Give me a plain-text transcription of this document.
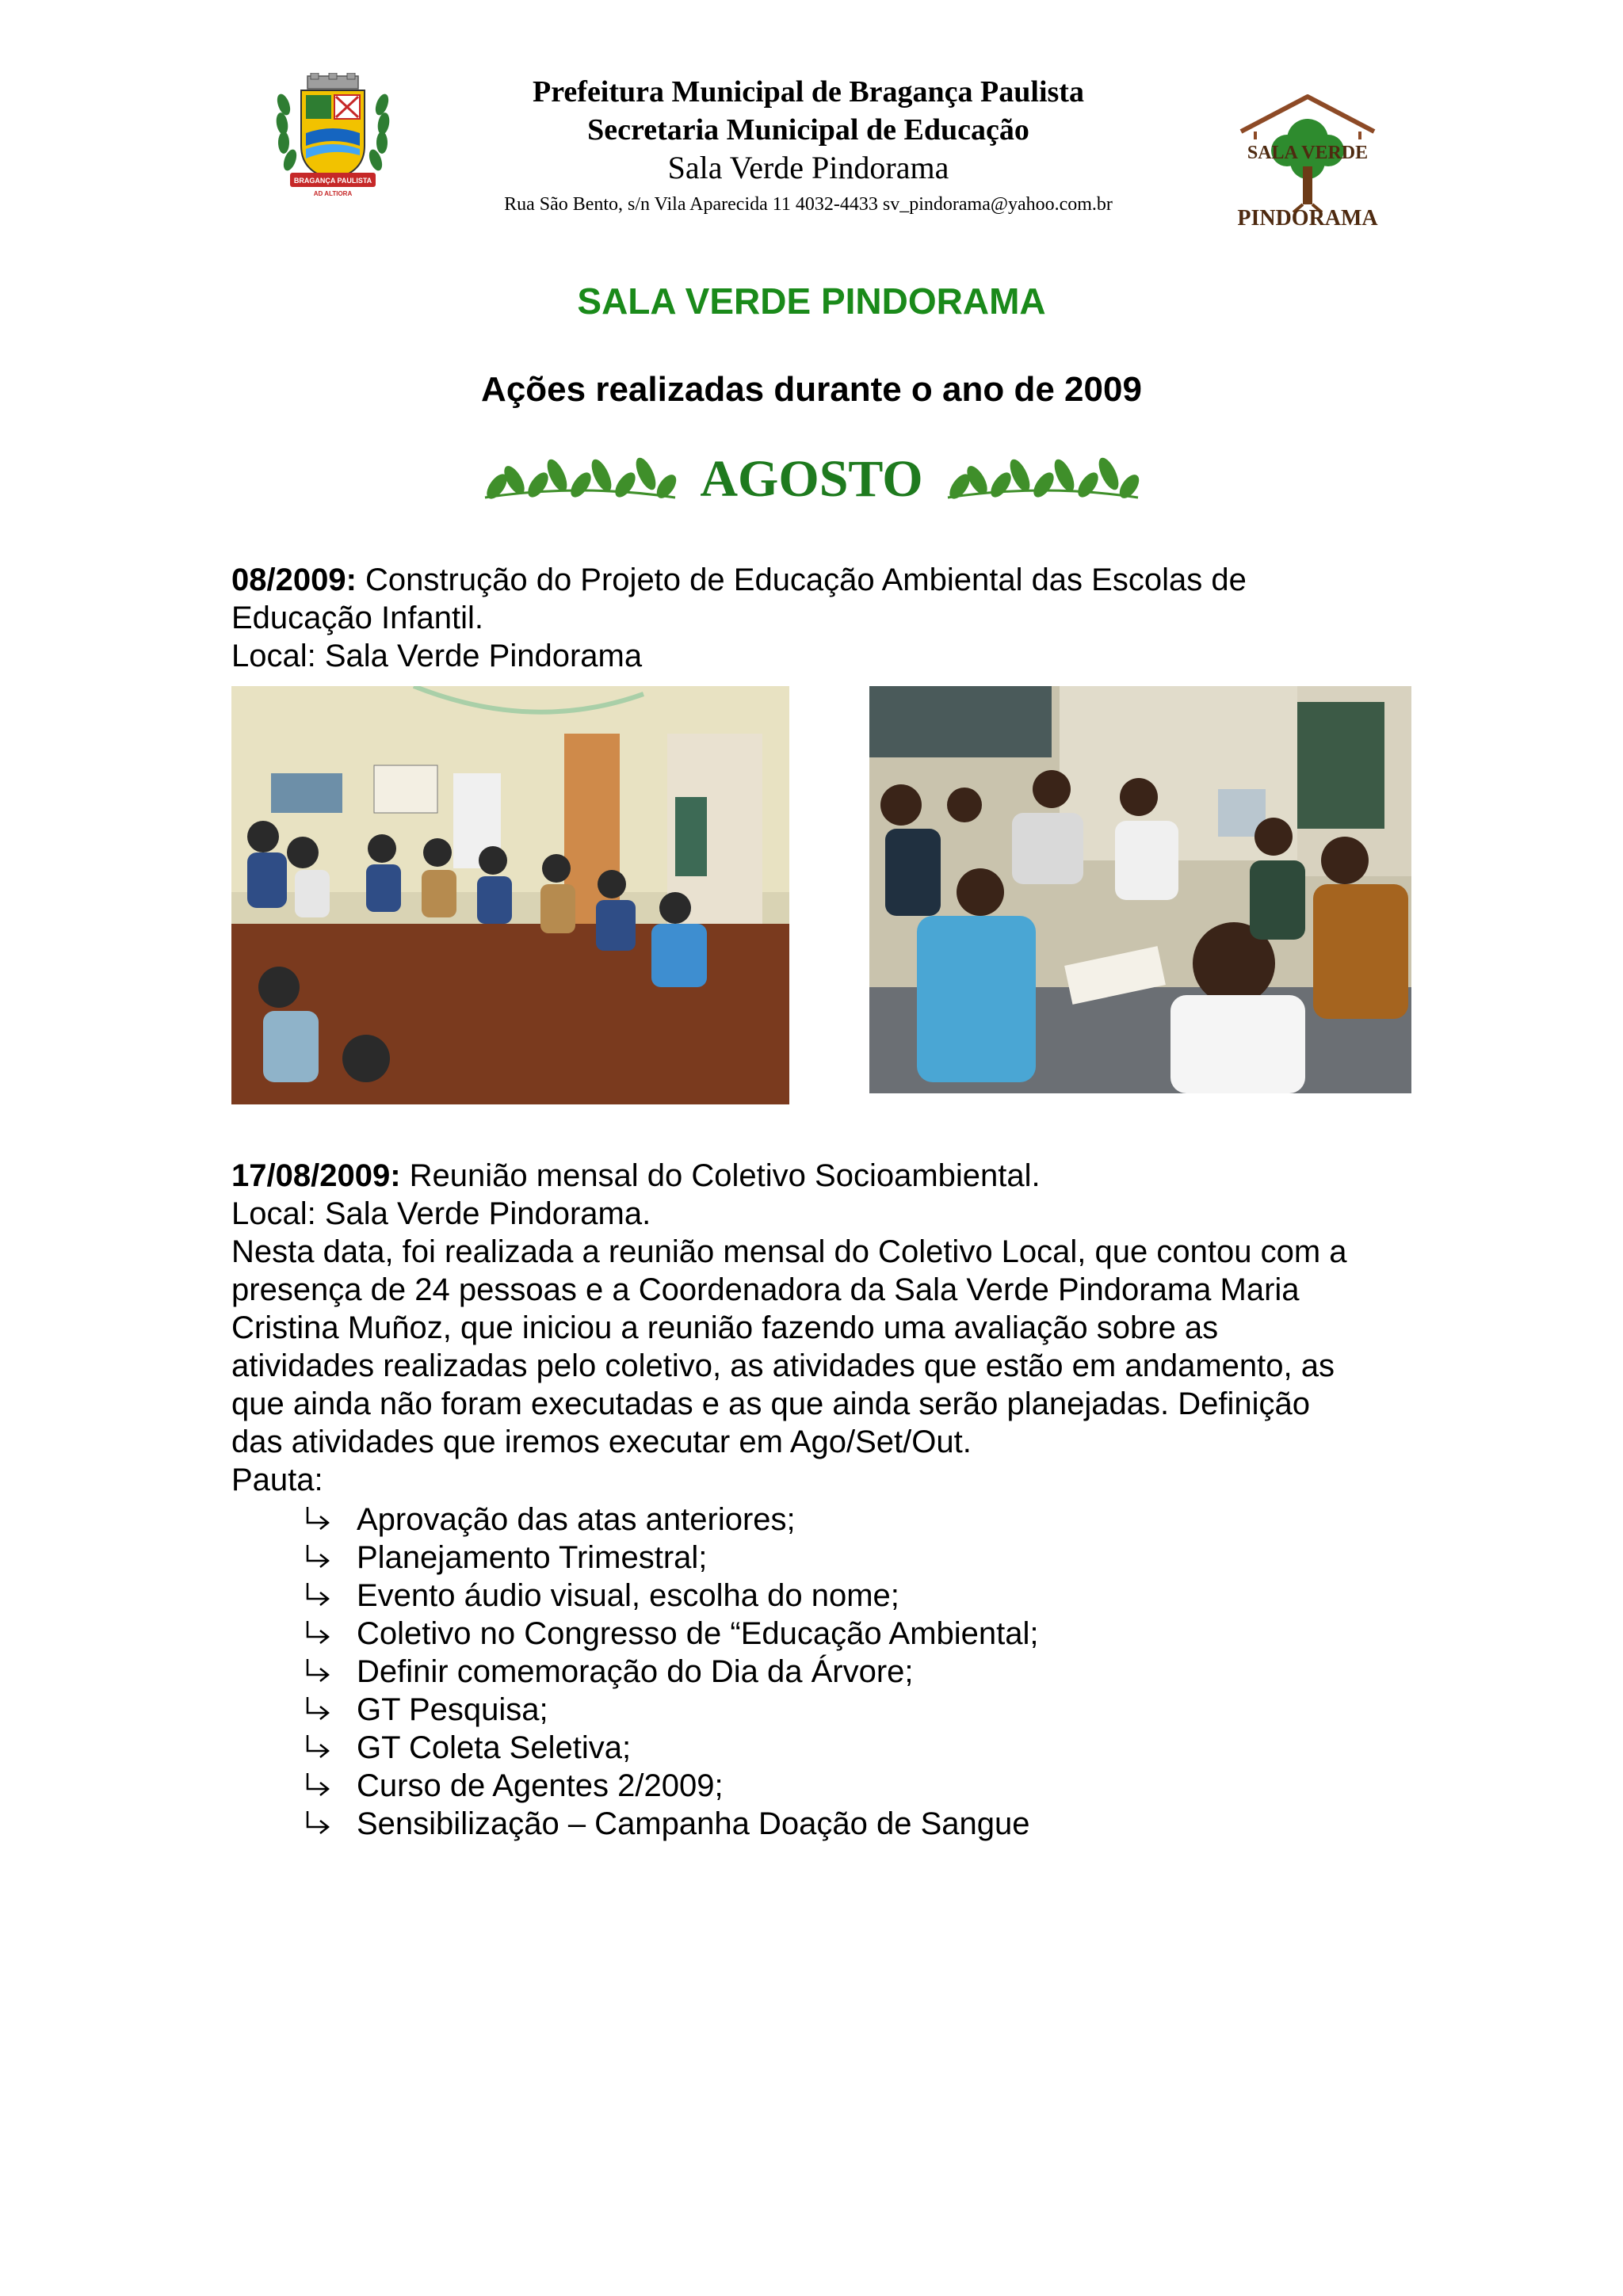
BRAGANÇA PAULISTA
AD ALTIORA
Prefeitura Municipal de Bragança Paulista
Secretaria Municipal de Educação
Sala Verde Pindorama
Rua São Bento, s/n Vila Aparecida 11 4032-4433 sv_pindorama@yahoo.com.br
SALA VERDE
PINDORAMA
SALA VERDE PINDORAMA
Ações realizadas durante o ano de 2009
AGOSTO
08/2009: Construção do Projeto de Educação Ambiental das Escolas de
Educação Infantil.
Local: Sala Verde Pindorama
17/08/2009: Reunião mensal do Coletivo Socioambiental.
Local: Sala Verde Pindorama.
Nesta data, foi realizada a reunião mensal do Coletivo Local, que contou com a
presença de 24 pessoas e a Coordenadora da Sala Verde Pindorama Maria
Cristina Muñoz, que iniciou a reunião fazendo uma avaliação sobre as
atividades realizadas pelo coletivo, as atividades que estão em andamento, as
que ainda não foram executadas e as que ainda serão planejadas. Definição
das atividades que iremos executar em Ago/Set/Out.
Pauta:
Aprovação das atas anteriores;
Planejamento Trimestral;
Evento áudio visual, escolha do nome;
Coletivo no Congresso de “Educação Ambiental;
Definir comemoração do Dia da Árvore;
GT Pesquisa;
GT Coleta Seletiva;
Curso de Agentes 2/2009;
Sensibilização – Campanha Doação de Sangue
